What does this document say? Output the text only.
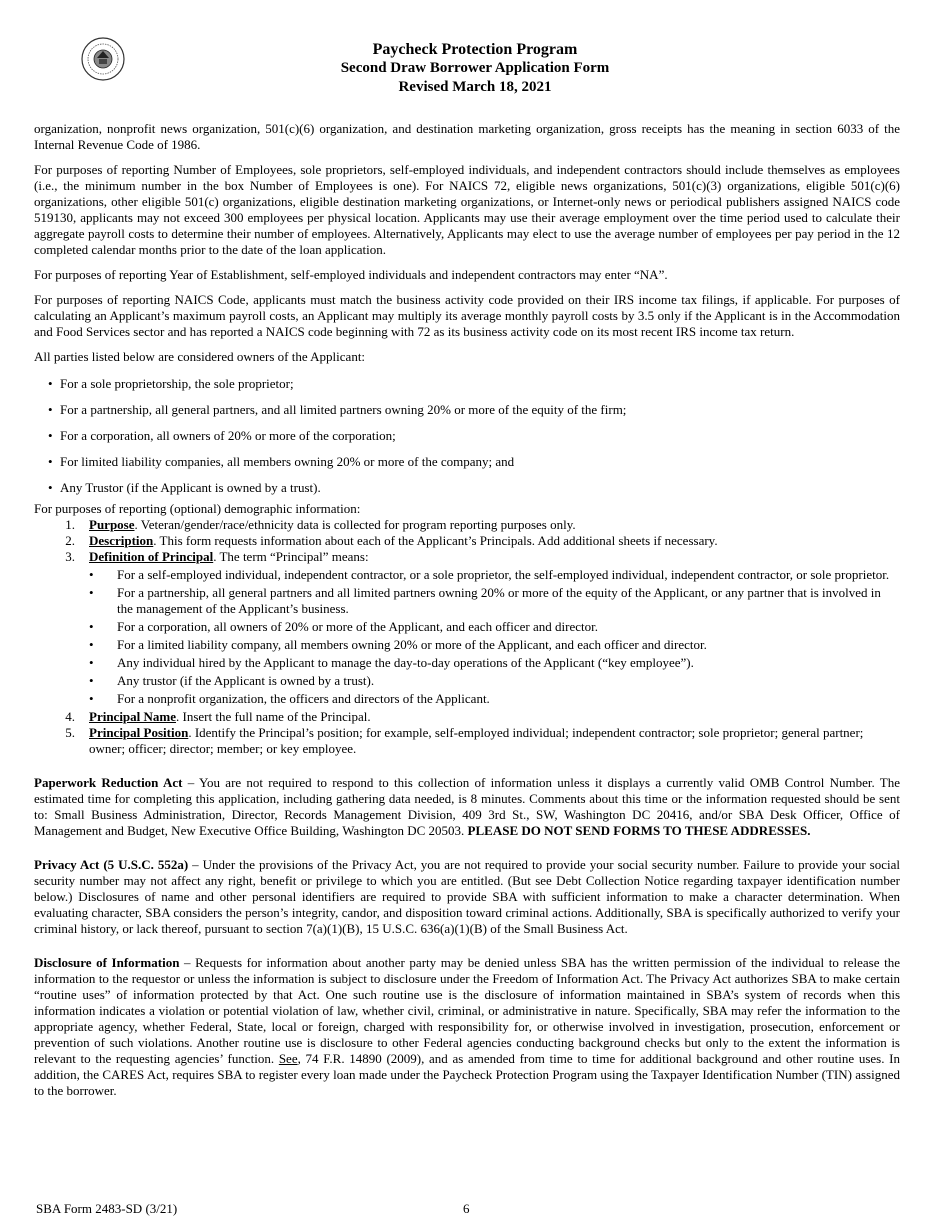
Paycheck Protection Program
Second Draw Borrower Application Form
Revised March 18, 2021

organization, nonprofit news organization, 501(c)(6) organization, and destination marketing organization, gross receipts has the meaning in section 6033 of the Internal Revenue Code of 1986.

For purposes of reporting Number of Employees, sole proprietors, self-employed individuals, and independent contractors should include themselves as employees (i.e., the minimum number in the box Number of Employees is one). For NAICS 72, eligible news organizations, 501(c)(3) organizations, eligible 501(c)(6) organizations, other eligible 501(c) organizations, eligible destination marketing organizations, or Internet-only news or periodical publishers assigned NAICS code 519130, applicants may not exceed 300 employees per physical location. Applicants may use their average employment over the time period used to calculate their aggregate payroll costs to determine their number of employees. Alternatively, Applicants may elect to use the average number of employees per pay period in the 12 completed calendar months prior to the date of the loan application.

For purposes of reporting Year of Establishment, self-employed individuals and independent contractors may enter “NA”.

For purposes of reporting NAICS Code, applicants must match the business activity code provided on their IRS income tax filings, if applicable. For purposes of calculating an Applicant’s maximum payroll costs, an Applicant may multiply its average monthly payroll costs by 3.5 only if the Applicant is in the Accommodation and Food Services sector and has reported a NAICS code beginning with 72 as its business activity code on its most recent IRS income tax return.

All parties listed below are considered owners of the Applicant:

• For a sole proprietorship, the sole proprietor;
• For a partnership, all general partners, and all limited partners owning 20% or more of the equity of the firm;
• For a corporation, all owners of 20% or more of the corporation;
• For limited liability companies, all members owning 20% or more of the company; and
• Any Trustor (if the Applicant is owned by a trust).

For purposes of reporting (optional) demographic information:

1.	Purpose. Veteran/gender/race/ethnicity data is collected for program reporting purposes only.
2.	Description. This form requests information about each of the Applicant’s Principals. Add additional sheets if necessary.
3.	Definition of Principal. The term “Principal” means:
•	For a self-employed individual, independent contractor, or a sole proprietor, the self-employed individual, independent contractor, or sole proprietor.
•	For a partnership, all general partners and all limited partners owning 20% or more of the equity of the Applicant, or any partner that is involved in the management of the Applicant’s business.
•	For a corporation, all owners of 20% or more of the Applicant, and each officer and director.
•	For a limited liability company, all members owning 20% or more of the Applicant, and each officer and director.
•	Any individual hired by the Applicant to manage the day-to-day operations of the Applicant (“key employee”).
•	Any trustor (if the Applicant is owned by a trust).
•	For a nonprofit organization, the officers and directors of the Applicant.
4.	Principal Name. Insert the full name of the Principal.
5.	Principal Position. Identify the Principal’s position; for example, self-employed individual; independent contractor; sole proprietor; general partner; owner; officer; director; member; or key employee.

Paperwork Reduction Act – You are not required to respond to this collection of information unless it displays a currently valid OMB Control Number. The estimated time for completing this application, including gathering data needed, is 8 minutes. Comments about this time or the information requested should be sent to: Small Business Administration, Director, Records Management Division, 409 3rd St., SW, Washington DC 20416, and/or SBA Desk Officer, Office of Management and Budget, New Executive Office Building, Washington DC 20503. PLEASE DO NOT SEND FORMS TO THESE ADDRESSES.

Privacy Act (5 U.S.C. 552a) – Under the provisions of the Privacy Act, you are not required to provide your social security number. Failure to provide your social security number may not affect any right, benefit or privilege to which you are entitled. (But see Debt Collection Notice regarding taxpayer identification number below.) Disclosures of name and other personal identifiers are required to provide SBA with sufficient information to make a character determination. When evaluating character, SBA considers the person’s integrity, candor, and disposition toward criminal actions. Additionally, SBA is specifically authorized to verify your criminal history, or lack thereof, pursuant to section 7(a)(1)(B), 15 U.S.C. 636(a)(1)(B) of the Small Business Act.

Disclosure of Information – Requests for information about another party may be denied unless SBA has the written permission of the individual to release the information to the requestor or unless the information is subject to disclosure under the Freedom of Information Act. The Privacy Act authorizes SBA to make certain “routine uses” of information protected by that Act. One such routine use is the disclosure of information maintained in SBA’s system of records when this information indicates a violation or potential violation of law, whether civil, criminal, or administrative in nature. Specifically, SBA may refer the information to the appropriate agency, whether Federal, State, local or foreign, charged with responsibility for, or otherwise involved in investigation, prosecution, enforcement or prevention of such violations. Another routine use is disclosure to other Federal agencies conducting background checks but only to the extent the information is relevant to the requesting agencies’ function. See, 74 F.R. 14890 (2009), and as amended from time to time for additional background and other routine uses. In addition, the CARES Act, requires SBA to register every loan made under the Paycheck Protection Program using the Taxpayer Identification Number (TIN) assigned to the borrower.

SBA Form 2483-SD (3/21)	6
